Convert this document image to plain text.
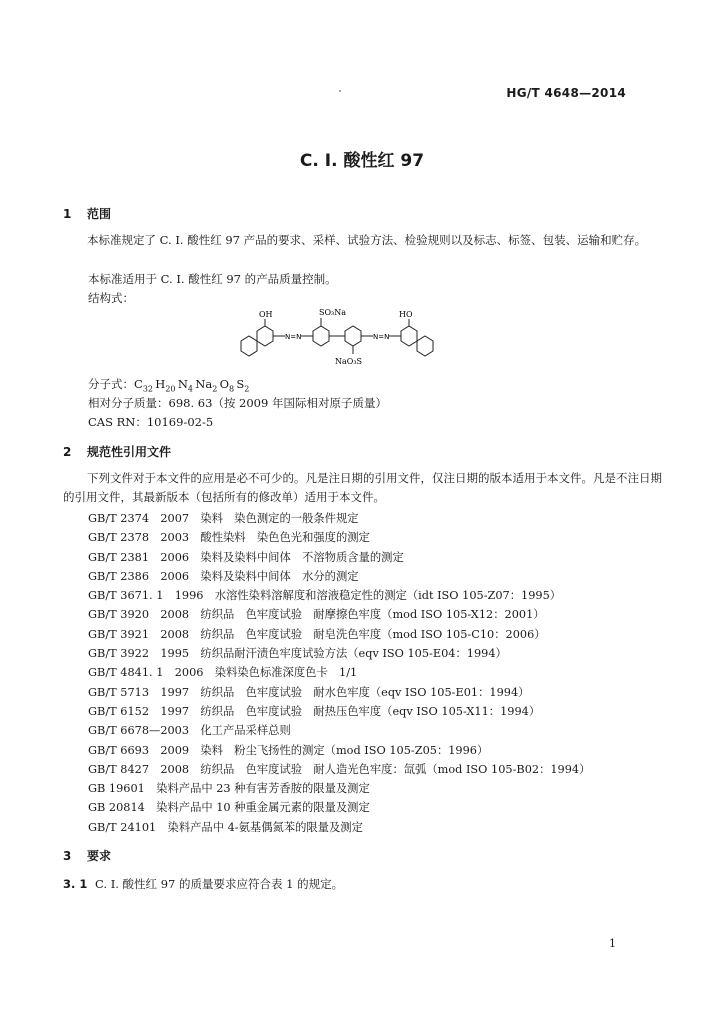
HG/T 4648—2014
C. I. 酸性红 97
1 范围
本标准规定了 C. I. 酸性红 97 产品的要求、采样、试验方法、检验规则以及标志、标签、包装、运输和贮存。
本标准适用于 C. I. 酸性红 97 的产品质量控制。
结构式：
OH
N=N
SO₃Na
NaO₃S
N=N
HO
分子式：$C_{32}$  $H_{20}$  $N_4$  $Na_2$  $O_8$  $S_2$
相对分子质量：698. 63（按 2009 年国际相对原子质量）
CAS RN：10169-02-5
2 规范性引用文件
下列文件对于本文件的应用是必不可少的。凡是注日期的引用文件，仅注日期的版本适用于本文件。凡是不注日期的引用文件，其最新版本（包括所有的修改单）适用于本文件。
GB/T 2374　 2007　 染料　染色测定的一般条件规定
GB/T 2378　 2003　 酸性染料　染色色光和强度的测定
GB/T 2381　 2006　 染料及染料中间体　不溶物质含量的测定
GB/T 2386　 2006　 染料及染料中间体　水分的测定
GB/T 3671. 1　 1996　 水溶性染料溶解度和溶液稳定性的测定（idt ISO 105-Z07：1995）
GB/T 3920　 2008　 纺织品　色牢度试验　耐摩擦色牢度（mod ISO 105-X12：2001）
GB/T 3921　 2008　 纺织品　色牢度试验　耐皂洗色牢度（mod ISO 105-C10：2006）
GB/T 3922　 1995　 纺织品耐汗渍色牢度试验方法（eqv ISO 105-E04：1994）
GB/T 4841. 1　 2006　 染料染色标准深度色卡　1/1
GB/T 5713　 1997　 纺织品　色牢度试验　耐水色牢度（eqv ISO 105-E01：1994）
GB/T 6152　 1997　 纺织品　色牢度试验　耐热压色牢度（eqv ISO 105-X11：1994）
GB/T 6678—2003　 化工产品采样总则
GB/T 6693　 2009　 染料　粉尘飞扬性的测定（mod ISO 105-Z05：1996）
GB/T 8427　 2008　 纺织品　色牢度试验　耐人造光色牢度：氙弧（mod ISO 105-B02：1994）
GB 19601　 染料产品中 23 种有害芳香胺的限量及测定
GB 20814　 染料产品中 10 种重金属元素的限量及测定
GB/T 24101　 染料产品中 4-氨基偶氮苯的限量及测定
3 要求
3. 1 C. I. 酸性红 97 的质量要求应符合表 1 的规定。
1
